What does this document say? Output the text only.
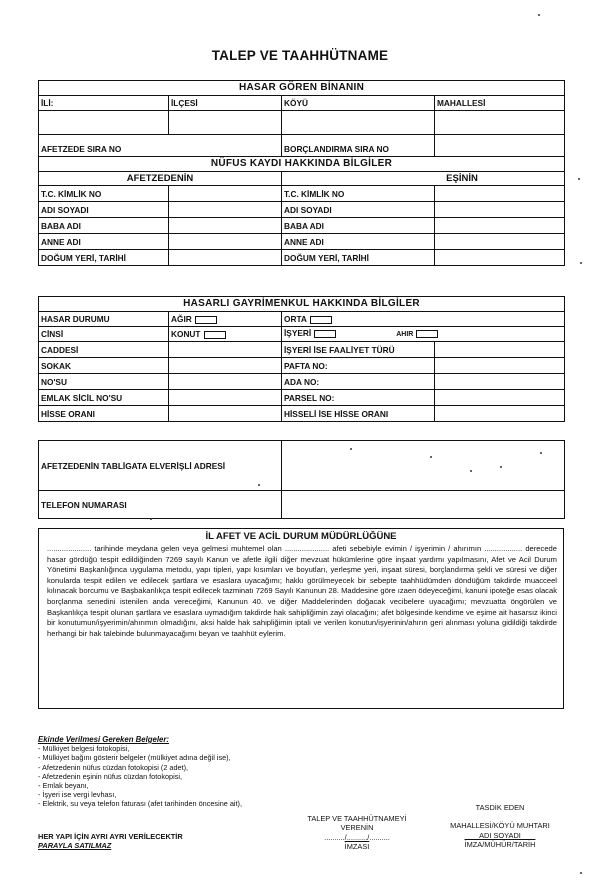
TALEP VE TAAHHÜTNAME
HASAR GÖREN BİNANIN			
İLİ:	İLÇESİ	KÖYÜ	MAHALLESİ

AFETZEDE SIRA NO		BORÇLANDIRMA SIRA NO	
NÜFUS KAYDI HAKKINDA BİLGİLER			
AFETZEDENİN		EŞİNİN	
T.C. KİMLİK NO		T.C. KİMLİK NO	
ADI SOYADI		ADI SOYADI	
BABA ADI		BABA ADI	
ANNE ADI		ANNE ADI	
DOĞUM YERİ, TARİHİ		DOĞUM YERİ, TARİHİ	
HASARLI GAYRİMENKUL HAKKINDA BİLGİLER			
HASAR DURUMU	AĞIR	ORTA	
CİNSİ	KONUT	İŞYERİ AHIR	
CADDESİ		İŞYERİ İSE FAALİYET TÜRÜ	
SOKAK		PAFTA NO:	
NO'SU		ADA NO:	
EMLAK SİCİL NO'SU		PARSEL NO:	
HİSSE ORANI		HİSSELİ İSE HİSSE ORANI	
AFETZEDENİN TABLİGATA ELVERİŞLİ ADRESİ	
TELEFON NUMARASI	
İL AFET VE ACİL DURUM MÜDÜRLÜĞÜNE

..................... tarihinde meydana gelen veya gelmesi muhtemel olan ..................... afeti sebebiyle evimin / işyerimin / ahırımın .................. derecede hasar gördüğü tespit edildiğinden 7269 sayılı Kanun ve afetle ilgili diğer mevzuat hükümlerine göre inşaat yardımı yapılmasını, Afet ve Acil Durum Yönetimi Başkanlığınca uygulama metodu, yapı tipleri, yapı kısımları ve boyutları, yerleşme yeri, inşaat süresi, borçlandırma şekli ve süresi ve diğer konularda tespit edilen ve edilecek şartlara ve esaslara uyacağımı; hakkı görülmeyecek bir sebepte taahhüdümden döndüğüm takdirde muacceel kılınacak borcumu ve Başbakanlıkça tespit edilecek tazminatı 7269 Sayılı Kanunun 28. Maddesine göre ızaen ödeyeceğimi, kanuni ipoteğe esas olacak borçlanma senedini istenilen anda vereceğimi, Kanunun 40. ve diğer Maddelerinden doğacak vecibelere uyacağımı; mevzuatta öngörülen ve Başkanlıkça tespit olunan şartlara ve esaslara uymadığım takdirde hak sahipliğimin zayi olacağını; afet bölgesinde kendime ve eşime ait hasarsız ikinci bir konutumun/işyerimin/ahırımın olmadığını, aksi halde hak sahipliğimin iptali ve verilen konutun/işyerinin/ahırın geri alınması yoluna gidildiği takdirde herhangi bir hak talebinde bulunmayacağımı beyan ve taahhüt eylerim.

Ekinde Verilmesi Gereken Belgeler:
- Mülkiyet belgesi fotokopisi,
- Mülkiyet bağını gösterir belgeler (mülkiyet adına değil ise),
- Afetzedenin nüfus cüzdan fotokopisi (2 adet),
- Afetzedenin eşinin nüfus cüzdan fotokopisi,
- Emlak beyanı,
- İşyeri ise vergi levhası,
- Elektrik, su veya telefon faturası (afet tarihinden öncesine ait),
HER YAPI İÇİN AYRI AYRI VERİLECEKTİR
PARAYLA SATILMAZ
TALEP VE TAAHHÜTNAMEYİ
VERENİN
........../........../..........
İMZASI
TASDİK EDEN
MAHALLESİ/KÖYÜ MUHTARI
ADI SOYADI
İMZA/MÜHÜR/TARİH
